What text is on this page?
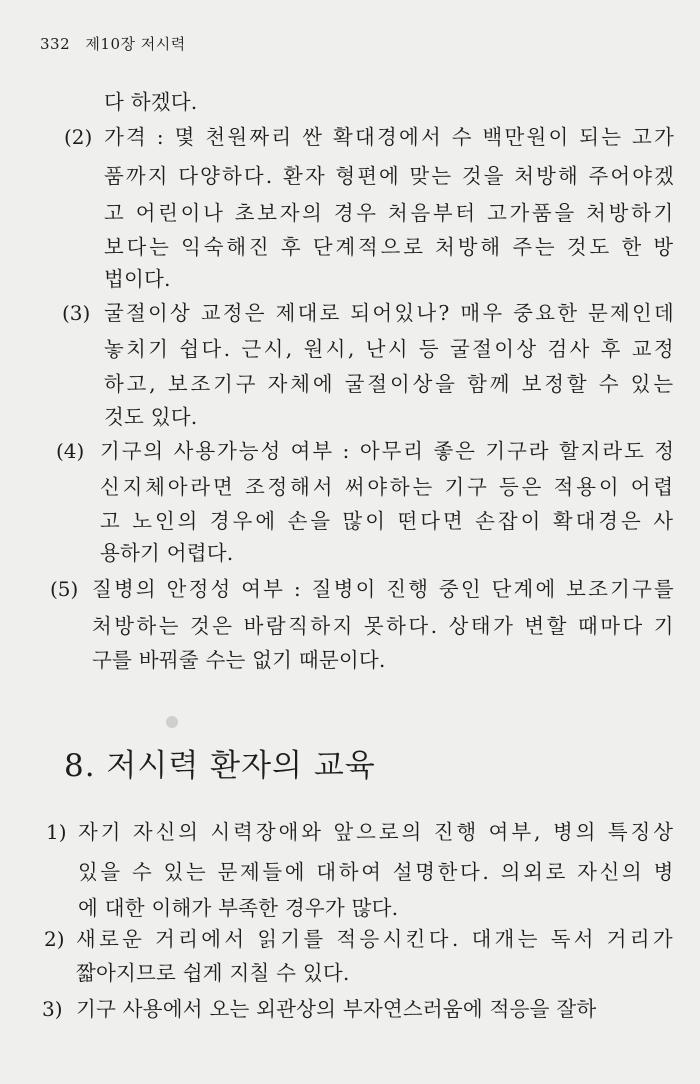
332 제10장 저시력
다 하겠다.
(2) 가격 : 몇 천원짜리 싼 확대경에서 수 백만원이 되는 고가
품까지 다양하다. 환자 형편에 맞는 것을 처방해 주어야겠
고 어린이나 초보자의 경우 처음부터 고가품을 처방하기
보다는 익숙해진 후 단계적으로 처방해 주는 것도 한 방
법이다.
(3) 굴절이상 교정은 제대로 되어있나? 매우 중요한 문제인데
놓치기 쉽다. 근시, 원시, 난시 등 굴절이상 검사 후 교정
하고, 보조기구 자체에 굴절이상을 함께 보정할 수 있는
것도 있다.
(4) 기구의 사용가능성 여부 : 아무리 좋은 기구라 할지라도 정
신지체아라면 조정해서 써야하는 기구 등은 적용이 어렵
고 노인의 경우에 손을 많이 떤다면 손잡이 확대경은 사
용하기 어렵다.
(5) 질병의 안정성 여부 : 질병이 진행 중인 단계에 보조기구를
처방하는 것은 바람직하지 못하다. 상태가 변할 때마다 기
구를 바꿔줄 수는 없기 때문이다.
8. 저시력 환자의 교육
1) 자기 자신의 시력장애와 앞으로의 진행 여부, 병의 특징상
있을 수 있는 문제들에 대하여 설명한다. 의외로 자신의 병
에 대한 이해가 부족한 경우가 많다.
2) 새로운 거리에서 읽기를 적응시킨다. 대개는 독서 거리가
짧아지므로 쉽게 지칠 수 있다.
3) 기구 사용에서 오는 외관상의 부자연스러움에 적응을 잘하
